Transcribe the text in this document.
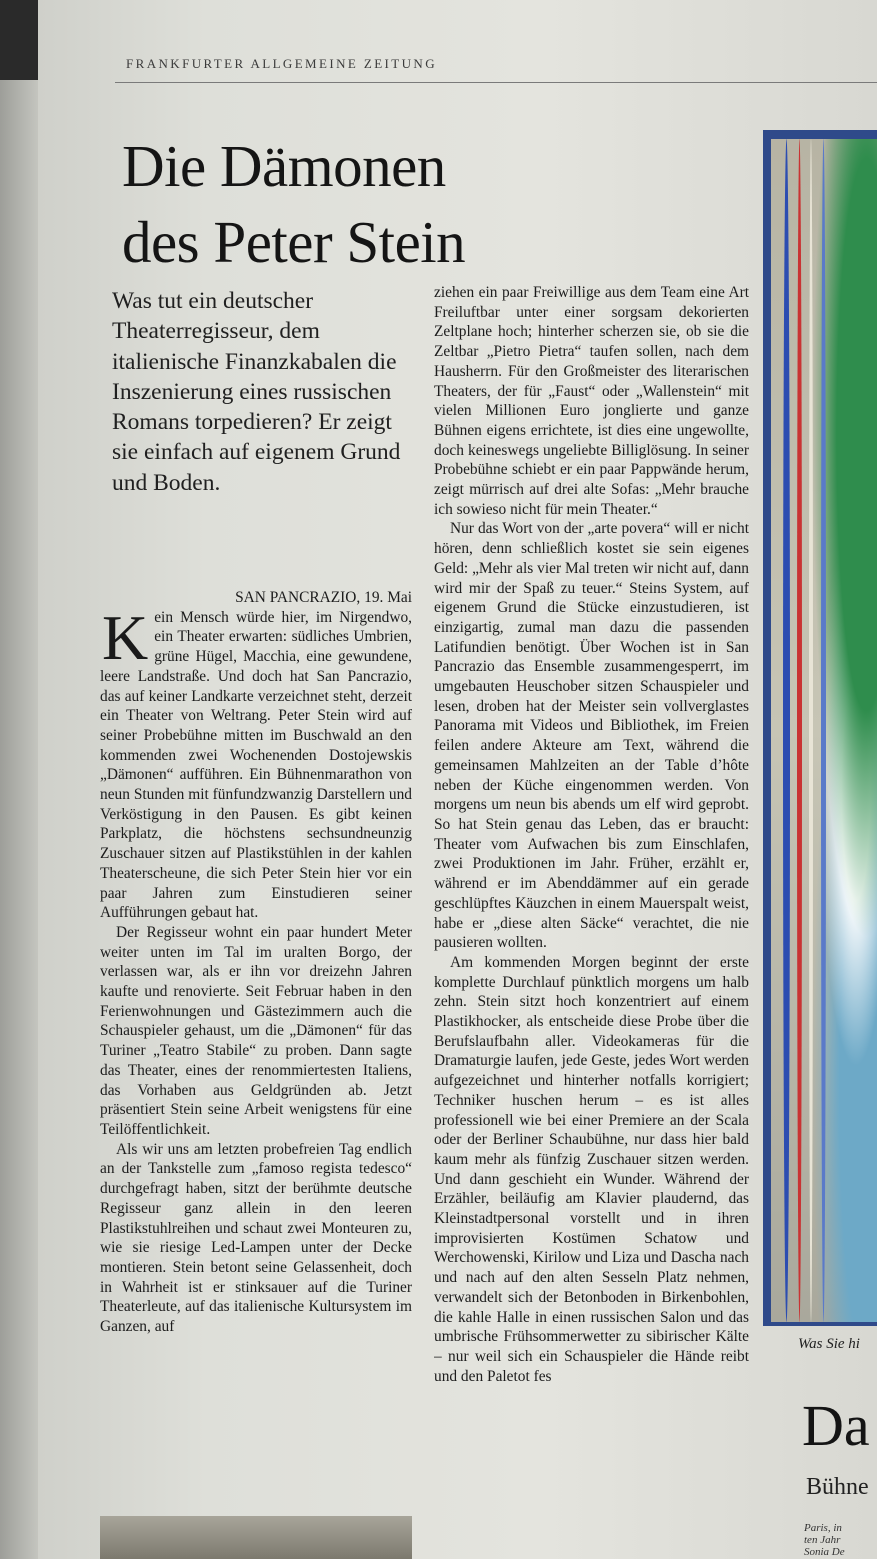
FRANKFURTER ALLGEMEINE ZEITUNG
Die Dämonen
des Peter Stein
Was tut ein deutscher Theaterregisseur, dem italienische Finanzkabalen die Inszenierung eines russischen Romans torpedieren? Er zeigt sie einfach auf eigenem Grund und Boden.

SAN PANCRAZIO, 19. Mai

Kein Mensch würde hier, im Nirgendwo, ein Theater erwarten: südliches Umbrien, grüne Hügel, Macchia, eine gewundene, leere Landstraße. Und doch hat San Pancrazio, das auf keiner Landkarte verzeichnet steht, derzeit ein Theater von Weltrang. Peter Stein wird auf seiner Probebühne mitten im Buschwald an den kommenden zwei Wochenenden Dostojewskis „Dämonen“ aufführen. Ein Bühnenmarathon von neun Stunden mit fünfundzwanzig Darstellern und Verköstigung in den Pausen. Es gibt keinen Parkplatz, die höchstens sechsundneunzig Zuschauer sitzen auf Plastikstühlen in der kahlen Theaterscheune, die sich Peter Stein hier vor ein paar Jahren zum Einstudieren seiner Aufführungen gebaut hat.

Der Regisseur wohnt ein paar hundert Meter weiter unten im Tal im uralten Borgo, der verlassen war, als er ihn vor dreizehn Jahren kaufte und renovierte. Seit Februar haben in den Ferienwohnungen und Gästezimmern auch die Schauspieler gehaust, um die „Dämonen“ für das Turiner „Teatro Stabile“ zu proben. Dann sagte das Theater, eines der renommiertesten Italiens, das Vorhaben aus Geldgründen ab. Jetzt präsentiert Stein seine Arbeit wenigstens für eine Teilöffentlichkeit.

Als wir uns am letzten probefreien Tag endlich an der Tankstelle zum „famoso regista tedesco“ durchgefragt haben, sitzt der berühmte deutsche Regisseur ganz allein in den leeren Plastikstuhlreihen und schaut zwei Monteuren zu, wie sie riesige Led-Lampen unter der Decke montieren. Stein betont seine Gelassenheit, doch in Wahrheit ist er stinksauer auf die Turiner Theaterleute, auf das italienische Kultursystem im Ganzen, auf

ziehen ein paar Freiwillige aus dem Team eine Art Freiluftbar unter einer sorgsam dekorierten Zeltplane hoch; hinterher scherzen sie, ob sie die Zeltbar „Pietro Pietra“ taufen sollen, nach dem Hausherrn. Für den Großmeister des literarischen Theaters, der für „Faust“ oder „Wallenstein“ mit vielen Millionen Euro jonglierte und ganze Bühnen eigens errichtete, ist dies eine ungewollte, doch keineswegs ungeliebte Billiglösung. In seiner Probebühne schiebt er ein paar Pappwände herum, zeigt mürrisch auf drei alte Sofas: „Mehr brauche ich sowieso nicht für mein Theater.“

Nur das Wort von der „arte povera“ will er nicht hören, denn schließlich kostet sie sein eigenes Geld: „Mehr als vier Mal treten wir nicht auf, dann wird mir der Spaß zu teuer.“ Steins System, auf eigenem Grund die Stücke einzustudieren, ist einzigartig, zumal man dazu die passenden Latifundien benötigt. Über Wochen ist in San Pancrazio das Ensemble zusammengesperrt, im umgebauten Heuschober sitzen Schauspieler und lesen, droben hat der Meister sein vollverglastes Panorama mit Videos und Bibliothek, im Freien feilen andere Akteure am Text, während die gemeinsamen Mahlzeiten an der Table d’hôte neben der Küche eingenommen werden. Von morgens um neun bis abends um elf wird geprobt. So hat Stein genau das Leben, das er braucht: Theater vom Aufwachen bis zum Einschlafen, zwei Produktionen im Jahr. Früher, erzählt er, während er im Abenddämmer auf ein gerade geschlüpftes Käuzchen in einem Mauerspalt weist, habe er „diese alten Säcke“ verachtet, die nie pausieren wollten.

Am kommenden Morgen beginnt der erste komplette Durchlauf pünktlich morgens um halb zehn. Stein sitzt hoch konzentriert auf einem Plastikhocker, als entscheide diese Probe über die Berufslaufbahn aller. Videokameras für die Dramaturgie laufen, jede Geste, jedes Wort werden aufgezeichnet und hinterher notfalls korrigiert; Techniker huschen herum – es ist alles professionell wie bei einer Premiere an der Scala oder der Berliner Schaubühne, nur dass hier bald kaum mehr als fünfzig Zuschauer sitzen werden. Und dann geschieht ein Wunder. Während der Erzähler, beiläufig am Klavier plaudernd, das Kleinstadtpersonal vorstellt und in ihren improvisierten Kostümen Schatow und Werchowenski, Kirilow und Liza und Dascha nach und nach auf den alten Sesseln Platz nehmen, verwandelt sich der Betonboden in Birkenbohlen, die kahle Halle in einen russischen Salon und das umbrische Frühsommerwetter zu sibirischer Kälte – nur weil sich ein Schauspieler die Hände reibt und den Paletot fes

Was Sie hi
Da
Bühne
Paris, in
ten Jahr
Sonia De
